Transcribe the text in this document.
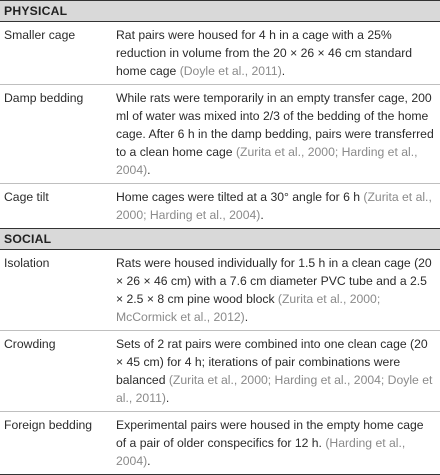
PHYSICAL
Smaller cage	Rat pairs were housed for 4 h in a cage with a 25% reduction in volume from the 20 × 26 × 46 cm standard home cage (Doyle et al., 2011).
Damp bedding	While rats were temporarily in an empty transfer cage, 200 ml of water was mixed into 2/3 of the bedding of the home cage. After 6 h in the damp bedding, pairs were transferred to a clean home cage (Zurita et al., 2000; Harding et al., 2004).
Cage tilt	Home cages were tilted at a 30° angle for 6 h (Zurita et al., 2000; Harding et al., 2004).
SOCIAL
Isolation	Rats were housed individually for 1.5 h in a clean cage (20 × 26 × 46 cm) with a 7.6 cm diameter PVC tube and a 2.5 × 2.5 × 8 cm pine wood block (Zurita et al., 2000; McCormick et al., 2012).
Crowding	Sets of 2 rat pairs were combined into one clean cage (20 × 45 cm) for 4 h; iterations of pair combinations were balanced (Zurita et al., 2000; Harding et al., 2004; Doyle et al., 2011).
Foreign bedding	Experimental pairs were housed in the empty home cage of a pair of older conspecifics for 12 h. (Harding et al., 2004).
